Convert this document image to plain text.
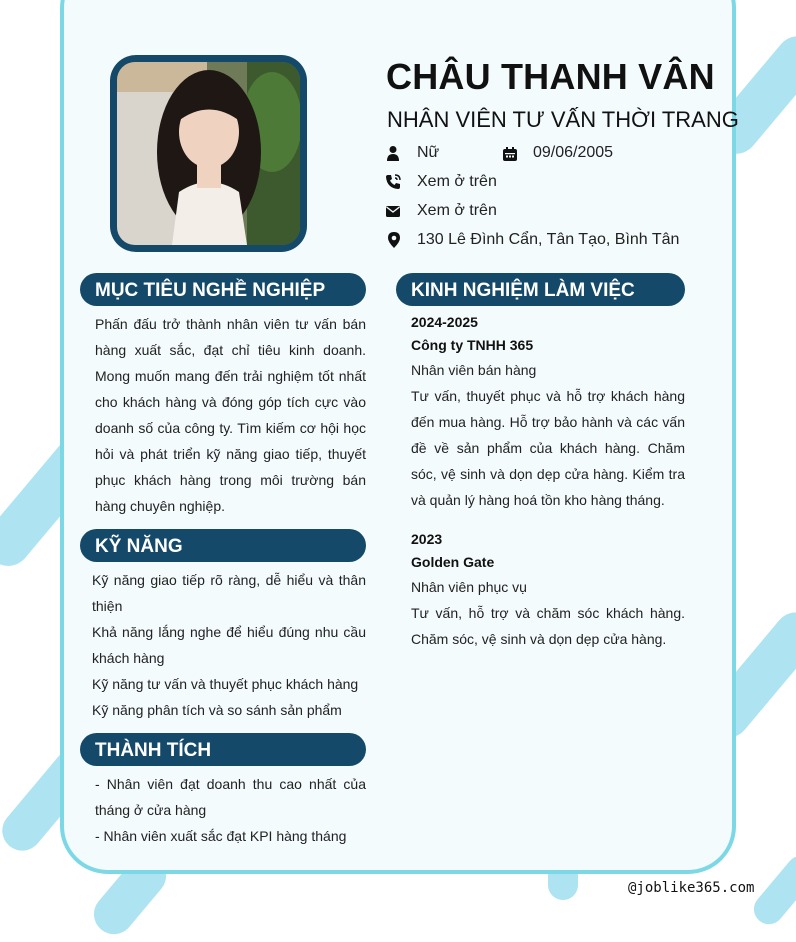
CHÂU THANH VÂN
NHÂN VIÊN TƯ VẤN THỜI TRANG
Nữ	09/06/2005
Xem ở trên
Xem ở trên
130 Lê Đình Cẩn, Tân Tạo, Bình Tân
MỤC TIÊU NGHỀ NGHIỆP
Phấn đấu trở thành nhân viên tư vấn bán hàng xuất sắc, đạt chỉ tiêu kinh doanh. Mong muốn mang đến trải nghiệm tốt nhất cho khách hàng và đóng góp tích cực vào doanh số của công ty. Tìm kiếm cơ hội học hỏi và phát triển kỹ năng giao tiếp, thuyết phục khách hàng trong môi trường bán hàng chuyên nghiệp.
KỸ NĂNG

Kỹ năng giao tiếp rõ ràng, dễ hiểu và thân thiện

Khả năng lắng nghe để hiểu đúng nhu cầu khách hàng

Kỹ năng tư vấn và thuyết phục khách hàng

Kỹ năng phân tích và so sánh sản phẩm

THÀNH TÍCH

- Nhân viên đạt doanh thu cao nhất của tháng ở cửa hàng

- Nhân viên xuất sắc đạt KPI hàng tháng

KINH NGHIỆM LÀM VIỆC
2024-2025
Công ty TNHH 365
Nhân viên bán hàng
Tư vấn, thuyết phục và hỗ trợ khách hàng đến mua hàng. Hỗ trợ bảo hành và các vấn đề về sản phẩm của khách hàng. Chăm sóc, vệ sinh và dọn dẹp cửa hàng. Kiểm tra và quản lý hàng hoá tồn kho hàng tháng.
2023
Golden Gate
Nhân viên phục vụ
Tư vấn, hỗ trợ và chăm sóc khách hàng. Chăm sóc, vệ sinh và dọn dẹp cửa hàng.
@joblike365.com
